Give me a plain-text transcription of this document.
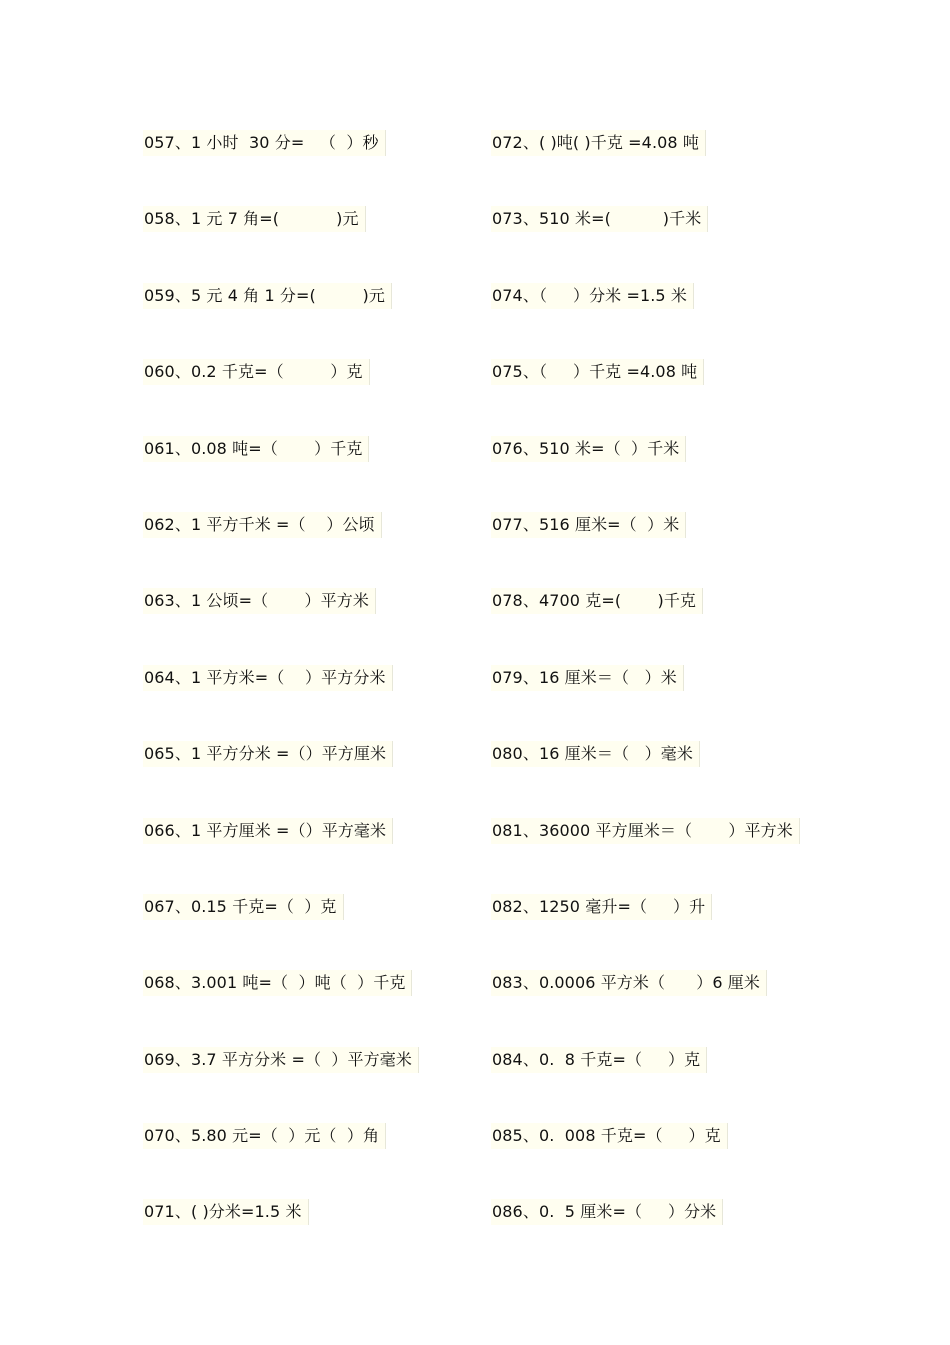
057、1 小时  30 分=   （  ）秒
058、1 元 7 角=(           )元
059、5 元 4 角 1 分=(         )元
060、0.2 千克=（         ）克
061、0.08 吨=（       ）千克
062、1 平方千米 =（    ）公顷
063、1 公顷=（       ）平方米
064、1 平方米=（    ）平方分米
065、1 平方分米 =（）平方厘米
066、1 平方厘米 =（）平方毫米
067、0.15 千克=（  ）克
068、3.001 吨=（  ）吨（  ）千克
069、3.7 平方分米 =（  ）平方毫米
070、5.80 元=（  ）元（  ）角
071、( )分米=1.5 米
072、( )吨( )千克 =4.08 吨
073、510 米=(          )千米
074、（     ）分米 =1.5 米
075、（     ）千克 =4.08 吨
076、510 米=（  ）千米
077、516 厘米=（  ）米
078、4700 克=(       )千克
079、16 厘米＝（   ）米
080、16 厘米＝（   ）毫米
081、36000 平方厘米＝（       ）平方米
082、1250 毫升=（     ）升
083、0.0006 平方米（      ）6 厘米
084、0.  8 千克=（     ）克
085、0.  008 千克=（     ）克
086、0.  5 厘米=（     ）分米
